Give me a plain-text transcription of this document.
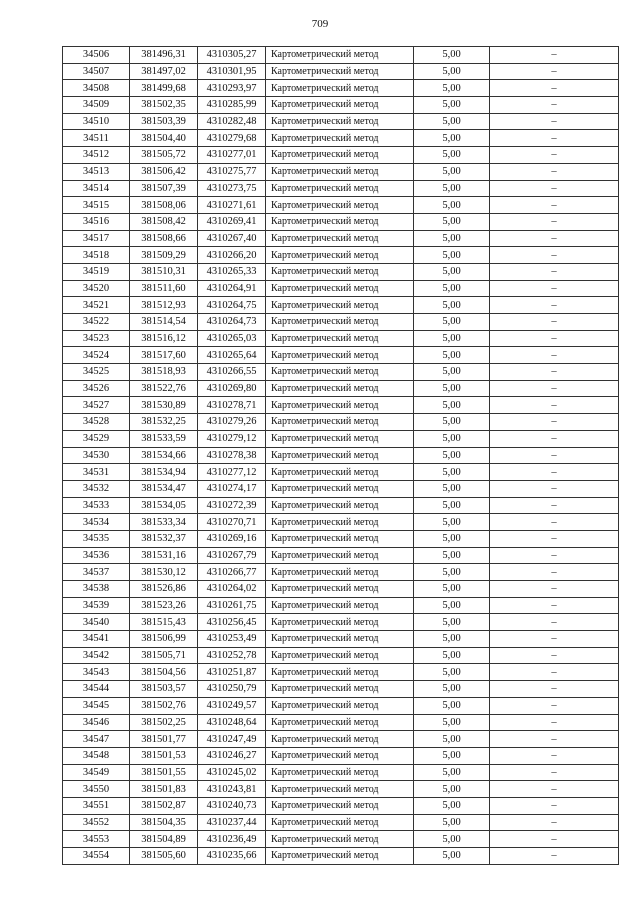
709
34506	381496,31	4310305,27	Картометрический метод	5,00	–
34507	381497,02	4310301,95	Картометрический метод	5,00	–
34508	381499,68	4310293,97	Картометрический метод	5,00	–
34509	381502,35	4310285,99	Картометрический метод	5,00	–
34510	381503,39	4310282,48	Картометрический метод	5,00	–
34511	381504,40	4310279,68	Картометрический метод	5,00	–
34512	381505,72	4310277,01	Картометрический метод	5,00	–
34513	381506,42	4310275,77	Картометрический метод	5,00	–
34514	381507,39	4310273,75	Картометрический метод	5,00	–
34515	381508,06	4310271,61	Картометрический метод	5,00	–
34516	381508,42	4310269,41	Картометрический метод	5,00	–
34517	381508,66	4310267,40	Картометрический метод	5,00	–
34518	381509,29	4310266,20	Картометрический метод	5,00	–
34519	381510,31	4310265,33	Картометрический метод	5,00	–
34520	381511,60	4310264,91	Картометрический метод	5,00	–
34521	381512,93	4310264,75	Картометрический метод	5,00	–
34522	381514,54	4310264,73	Картометрический метод	5,00	–
34523	381516,12	4310265,03	Картометрический метод	5,00	–
34524	381517,60	4310265,64	Картометрический метод	5,00	–
34525	381518,93	4310266,55	Картометрический метод	5,00	–
34526	381522,76	4310269,80	Картометрический метод	5,00	–
34527	381530,89	4310278,71	Картометрический метод	5,00	–
34528	381532,25	4310279,26	Картометрический метод	5,00	–
34529	381533,59	4310279,12	Картометрический метод	5,00	–
34530	381534,66	4310278,38	Картометрический метод	5,00	–
34531	381534,94	4310277,12	Картометрический метод	5,00	–
34532	381534,47	4310274,17	Картометрический метод	5,00	–
34533	381534,05	4310272,39	Картометрический метод	5,00	–
34534	381533,34	4310270,71	Картометрический метод	5,00	–
34535	381532,37	4310269,16	Картометрический метод	5,00	–
34536	381531,16	4310267,79	Картометрический метод	5,00	–
34537	381530,12	4310266,77	Картометрический метод	5,00	–
34538	381526,86	4310264,02	Картометрический метод	5,00	–
34539	381523,26	4310261,75	Картометрический метод	5,00	–
34540	381515,43	4310256,45	Картометрический метод	5,00	–
34541	381506,99	4310253,49	Картометрический метод	5,00	–
34542	381505,71	4310252,78	Картометрический метод	5,00	–
34543	381504,56	4310251,87	Картометрический метод	5,00	–
34544	381503,57	4310250,79	Картометрический метод	5,00	–
34545	381502,76	4310249,57	Картометрический метод	5,00	–
34546	381502,25	4310248,64	Картометрический метод	5,00	–
34547	381501,77	4310247,49	Картометрический метод	5,00	–
34548	381501,53	4310246,27	Картометрический метод	5,00	–
34549	381501,55	4310245,02	Картометрический метод	5,00	–
34550	381501,83	4310243,81	Картометрический метод	5,00	–
34551	381502,87	4310240,73	Картометрический метод	5,00	–
34552	381504,35	4310237,44	Картометрический метод	5,00	–
34553	381504,89	4310236,49	Картометрический метод	5,00	–
34554	381505,60	4310235,66	Картометрический метод	5,00	–
